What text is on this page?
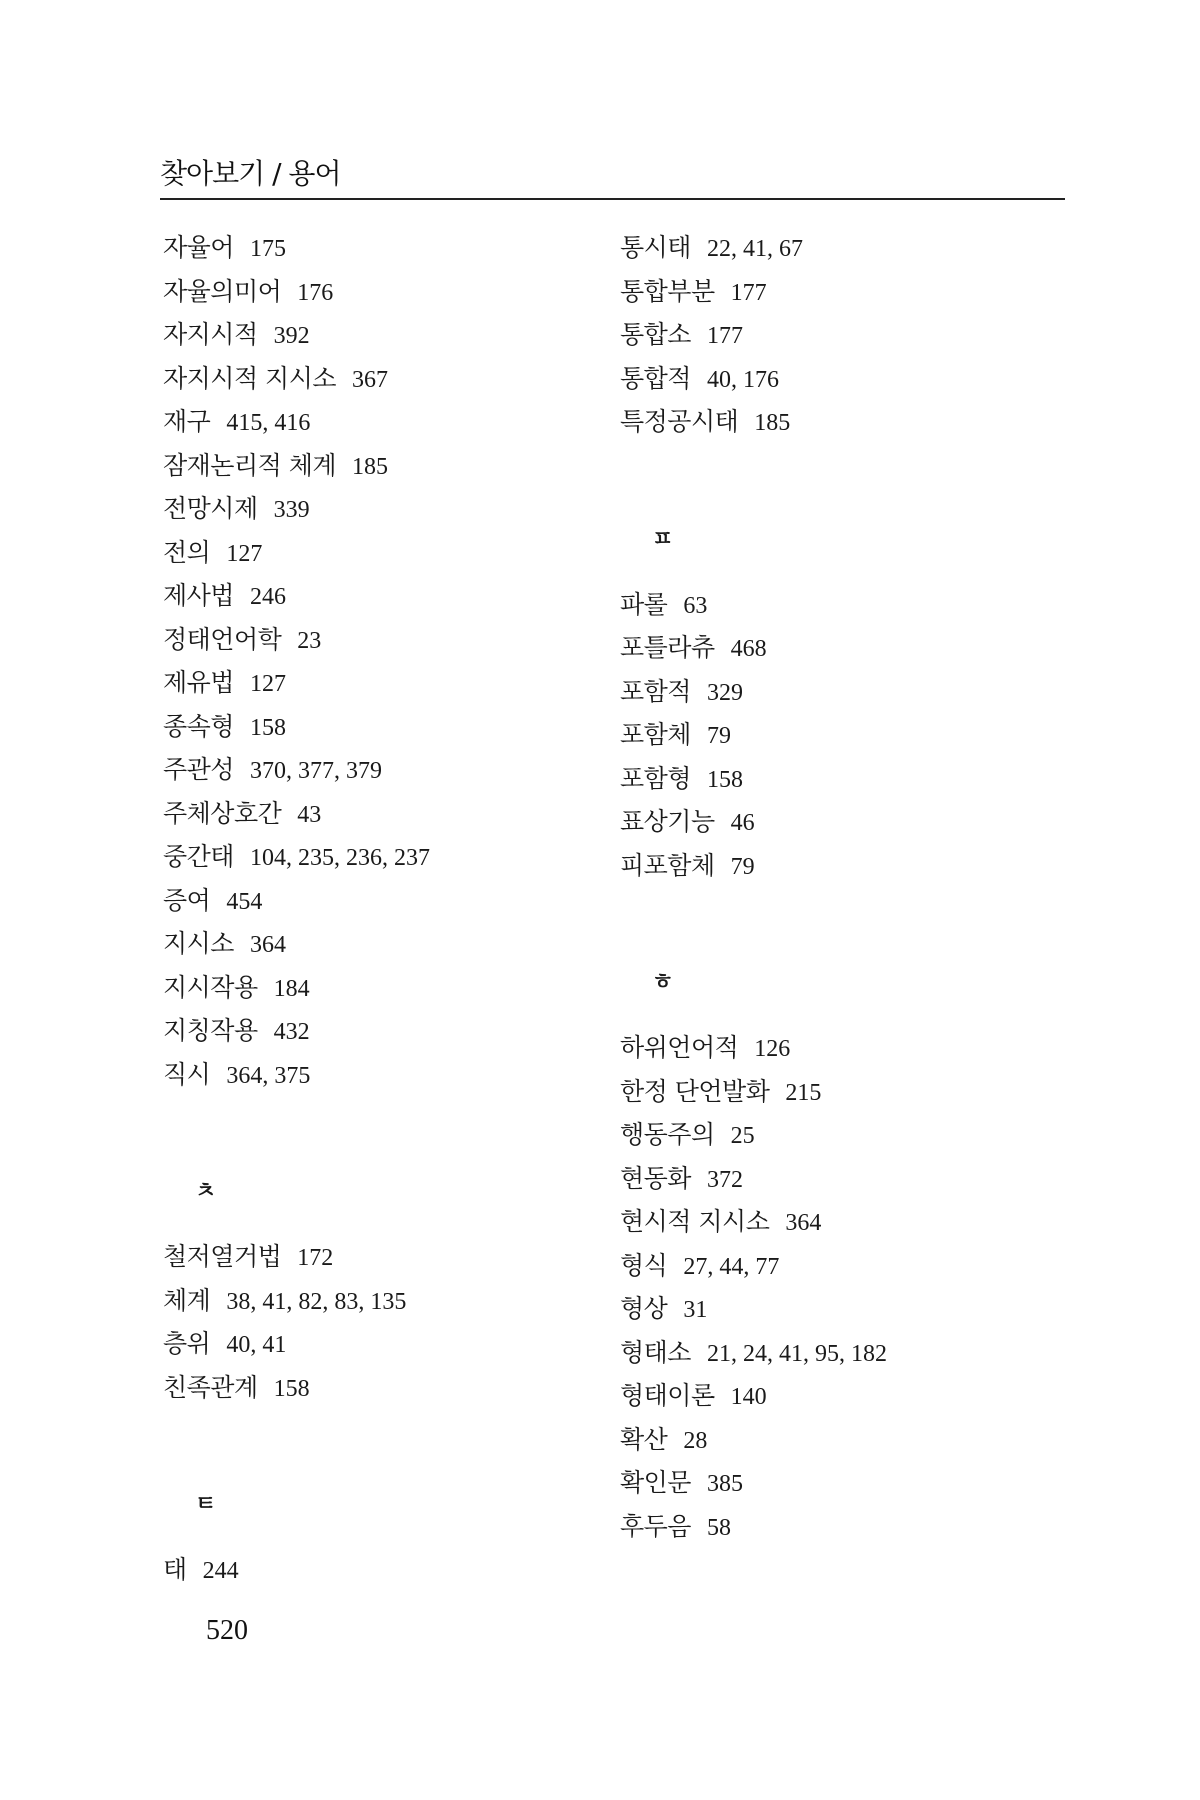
찾아보기 / 용어
자율어 175
자율의미어 176
자지시적 392
자지시적 지시소 367
재구 415, 416
잠재논리적 체계 185
전망시제 339
전의 127
제사법 246
정태언어학 23
제유법 127
종속형 158
주관성 370, 377, 379
주체상호간 43
중간태 104, 235, 236, 237
증여 454
지시소 364
지시작용 184
지칭작용 432
직시 364, 375
ㅊ
철저열거법 172
체계 38, 41, 82, 83, 135
층위 40, 41
친족관계 158
ㅌ
태 244
통시태 22, 41, 67
통합부분 177
통합소 177
통합적 40, 176
특정공시태 185
ㅍ
파롤 63
포틀라츄 468
포함적 329
포함체 79
포함형 158
표상기능 46
피포함체 79
ㅎ
하위언어적 126
한정 단언발화 215
행동주의 25
현동화 372
현시적 지시소 364
형식 27, 44, 77
형상 31
형태소 21, 24, 41, 95, 182
형태이론 140
확산 28
확인문 385
후두음 58
520
